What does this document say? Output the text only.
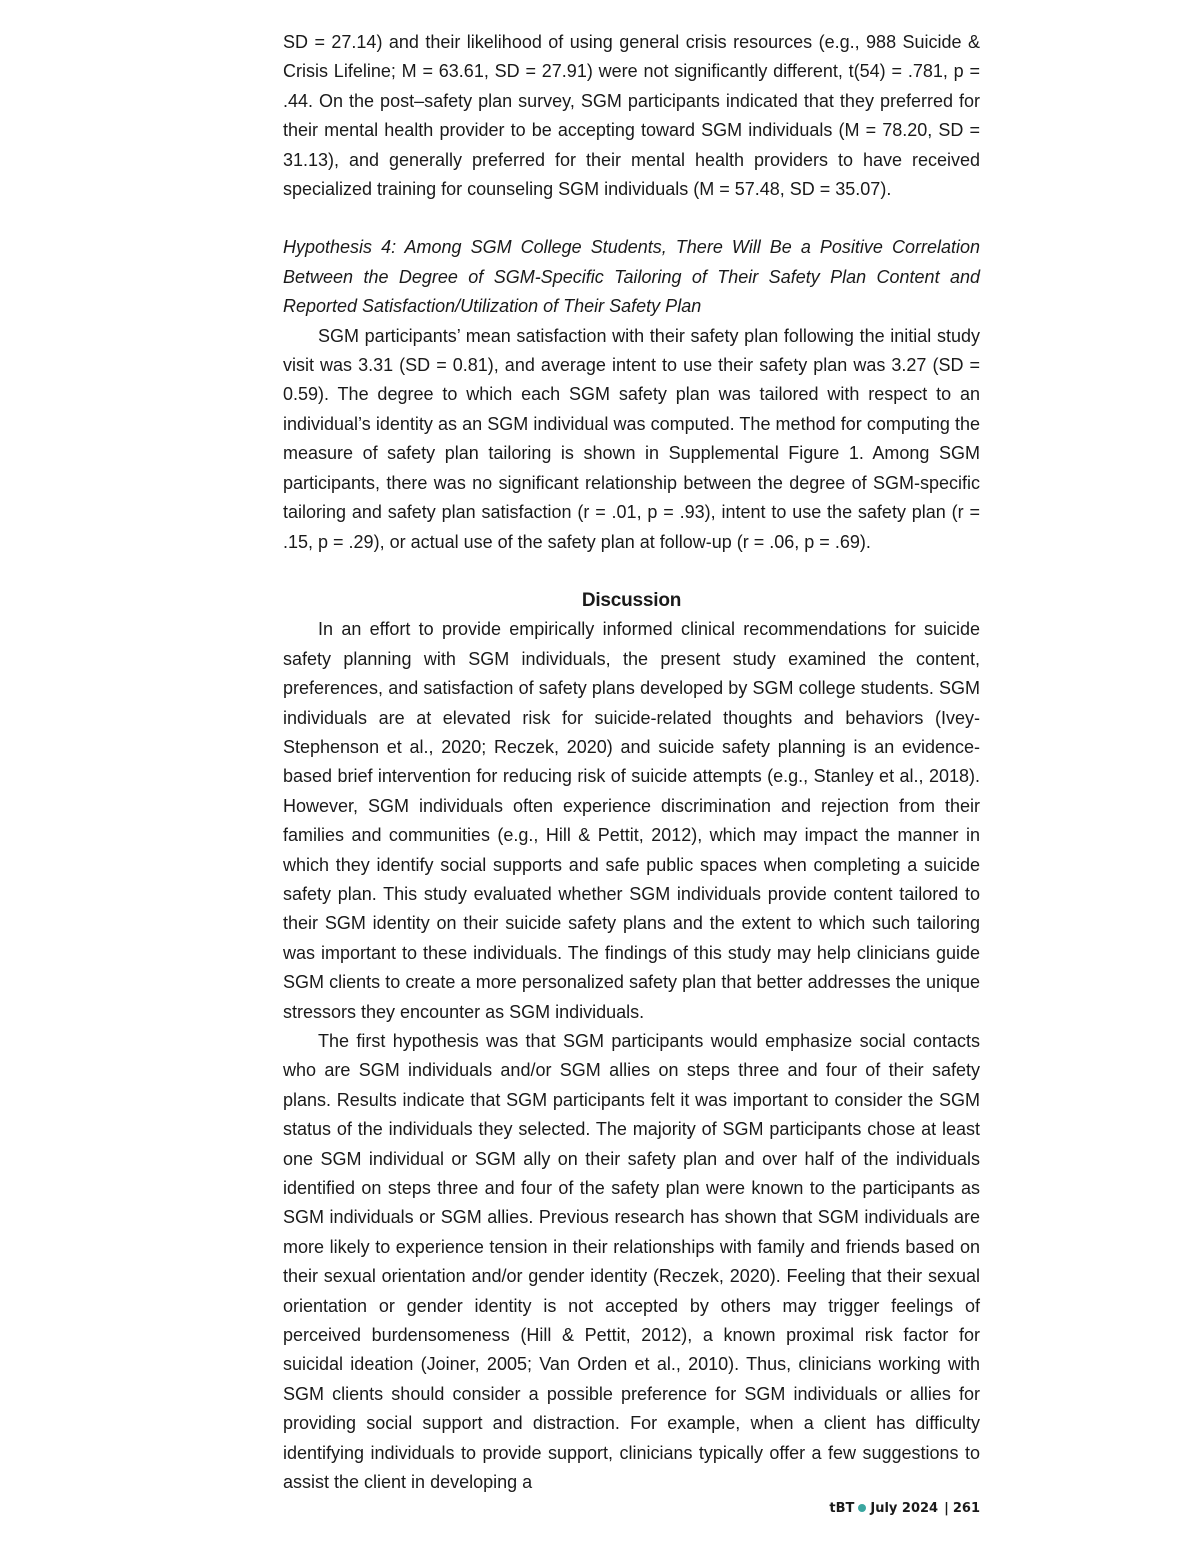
SD = 27.14) and their likelihood of using general crisis resources (e.g., 988 Suicide & Crisis Lifeline; M = 63.61, SD = 27.91) were not significantly different, t(54) = .781, p = .44. On the post–safety plan survey, SGM participants indicated that they preferred for their mental health provider to be accepting toward SGM individuals (M = 78.20, SD = 31.13), and generally preferred for their mental health providers to have received specialized training for counseling SGM individuals (M = 57.48, SD = 35.07).

Hypothesis 4: Among SGM College Students, There Will Be a Positive Correlation Between the Degree of SGM-Specific Tailoring of Their Safety Plan Content and Reported Satisfaction/Utilization of Their Safety Plan

SGM participants’ mean satisfaction with their safety plan following the initial study visit was 3.31 (SD = 0.81), and average intent to use their safety plan was 3.27 (SD = 0.59). The degree to which each SGM safety plan was tailored with respect to an individual’s identity as an SGM individual was computed. The method for computing the measure of safety plan tailoring is shown in Supplemental Figure 1. Among SGM participants, there was no significant relationship between the degree of SGM-specific tailoring and safety plan satisfaction (r = .01, p = .93), intent to use the safety plan (r = .15, p = .29), or actual use of the safety plan at follow-up (r = .06, p = .69).

Discussion

In an effort to provide empirically informed clinical recommendations for suicide safety planning with SGM individuals, the present study examined the content, preferences, and satisfaction of safety plans developed by SGM college students. SGM individuals are at elevated risk for suicide-related thoughts and behaviors (Ivey-Stephenson et al., 2020; Reczek, 2020) and suicide safety planning is an evidence-based brief intervention for reducing risk of suicide attempts (e.g., Stanley et al., 2018). However, SGM individuals often experience discrimination and rejection from their families and communities (e.g., Hill & Pettit, 2012), which may impact the manner in which they identify social supports and safe public spaces when completing a suicide safety plan. This study evaluated whether SGM individuals provide content tailored to their SGM identity on their suicide safety plans and the extent to which such tailoring was important to these individuals. The findings of this study may help clinicians guide SGM clients to create a more personalized safety plan that better addresses the unique stressors they encounter as SGM individuals.

The first hypothesis was that SGM participants would emphasize social contacts who are SGM individuals and/or SGM allies on steps three and four of their safety plans. Results indicate that SGM participants felt it was important to consider the SGM status of the individuals they selected. The majority of SGM participants chose at least one SGM individual or SGM ally on their safety plan and over half of the individuals identified on steps three and four of the safety plan were known to the participants as SGM individuals or SGM allies. Previous research has shown that SGM individuals are more likely to experience tension in their relationships with family and friends based on their sexual orientation and/or gender identity (Reczek, 2020). Feeling that their sexual orientation or gender identity is not accepted by others may trigger feelings of perceived burdensomeness (Hill & Pettit, 2012), a known proximal risk factor for suicidal ideation (Joiner, 2005; Van Orden et al., 2010). Thus, clinicians working with SGM clients should consider a possible preference for SGM individuals or allies for providing social support and distraction. For example, when a client has difficulty identifying individuals to provide support, clinicians typically offer a few suggestions to assist the client in developing a

tBT July 2024 | 261
